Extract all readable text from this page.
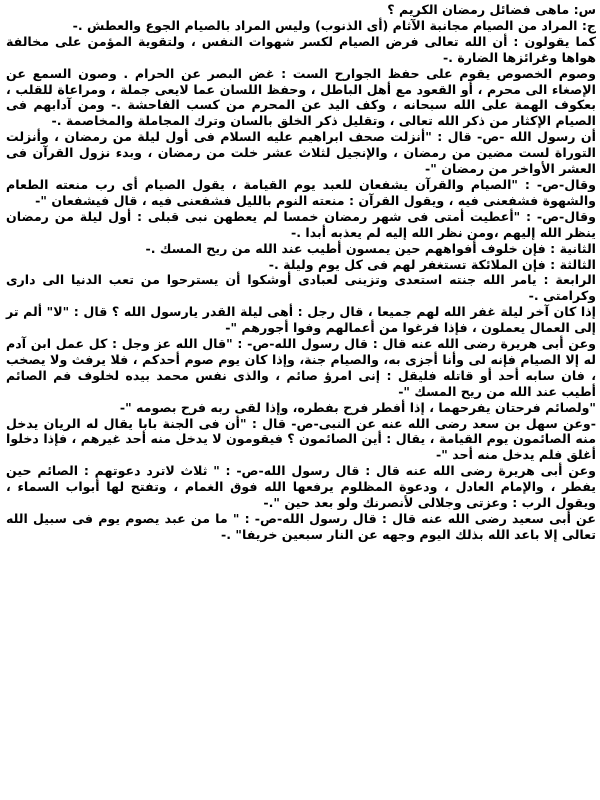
س: ماهى فضائل رمضان الكريم ؟

ج: المراد من الصيام مجانبة الآثام (أى الذنوب) وليس المراد بالصيام الجوع والعطش .-

كما يقولون : أن الله تعالى فرض الصيام لكسر شهوات النفس ، ولتقوية المؤمن على مخالفة هواها وغرائزها الضارة .-

وصوم الخصوص يقوم على حفظ الجوارح الست : غض البصر عن الحرام . وصون السمع عن الإصغاء الى محرم ، أو القعود مع أهل الباطل ، وحفظ اللسان عما لايعى جملة ، ومراعاة للقلب ، بعكوف الهمة على الله سبحانه ، وكف اليد عن المحرم من كسب الفاحشة .- ومن آدابهم فى الصيام الإكثار من ذكر الله تعالى ، وتقليل ذكر الخلق بالسان وترك المجاملة والمخاصمة .-

أن رسول الله -ص- قال : "أنزلت صحف ابراهيم عليه السلام فى أول ليلة من رمضان ، وأنزلت التوراة لست مضين من رمضان ، والإنجيل لثلاث عشر خلت من رمضان ، وبدء نزول القرآن فى العشر الأواخر من رمضان "-

وقال-ص- : "الصيام والقرآن يشفعان للعبد يوم القيامة ، يقول الصيام أى رب منعته الطعام والشهوة فشفعنى فيه ، ويقول القرآن : منعته النوم بالليل فشفعنى فيه ، قال فيشفعان "-

وقال-ص- : "أعطيت أمتى فى شهر رمضان خمسا لم يعطهن نبى قبلى : أول ليلة من رمضان ينظر الله إليهم ،ومن نظر الله إليه لم يعذبه أبدا .-

الثانية : فإن خلوف أفواههم حين يمسون أطيب عند الله من ريح المسك .-

الثالثة : فإن الملائكة تستغفر لهم فى كل يوم وليلة .-

الرابعة : يامر الله جنته استعدى وتزينى لعبادى أوشكوا أن يسترحوا من تعب الدنيا الى دارى وكرامتى .-

إذا كان آخر ليلة غفر الله لهم جميعا ، قال رجل : أهى ليلة القدر يارسول الله ؟ قال : "لا" ألم تر إلى العمال يعملون ، فإذا فرغوا من أعمالهم وفوا أجورهم "-

وعن أبى هريرة رضى الله عنه قال : قال رسول الله-ص- : "قال الله عز وجل : كل عمل ابن آدم له إلا الصيام فإنه لى وأنا أجزى به، والصيام جنة، وإذا كان يوم صوم أحدكم ، فلا يرفث ولا يصخب ، فان سابه أحد أو قاتله فليقل : إنى امرؤ صائم ، والذى نفس محمد بيده لخلوف فم الصائم أطيب عند الله من ريح المسك "-

"ولصائم فرحتان يفرحهما ، إذا أفطر فرح بفطره، وإذا لقى ربه فرح بصومه "-

-وعن سهل بن سعد رضى الله عنه عن النبى-ص- قال : "أن فى الجنة بابا يقال له الريان يدخل منه الصائمون يوم القيامة ، يقال : أين الصائمون ؟ فيقومون لا يدخل منه أحد غيرهم ، فإذا دخلوا أغلق فلم يدخل منه أحد "-

وعن أبى هريرة رضى الله عنه قال : قال رسول الله-ص- : " ثلاث لاترد دعوتهم : الصائم حين يفطر ، والإمام العادل ، ودعوة المظلوم يرفعها الله فوق الغمام ، وتفتح لها أبواب السماء ، ويقول الرب : وعزتى وجلالى لأنصرنك ولو بعد حين ".-

عن أبى سعيد رضى الله عنه قال : قال رسول الله-ص- : " ما من عبد يصوم يوم فى سبيل الله تعالى إلا باعد الله بذلك اليوم وجهه عن النار سبعين خريفا" .-
